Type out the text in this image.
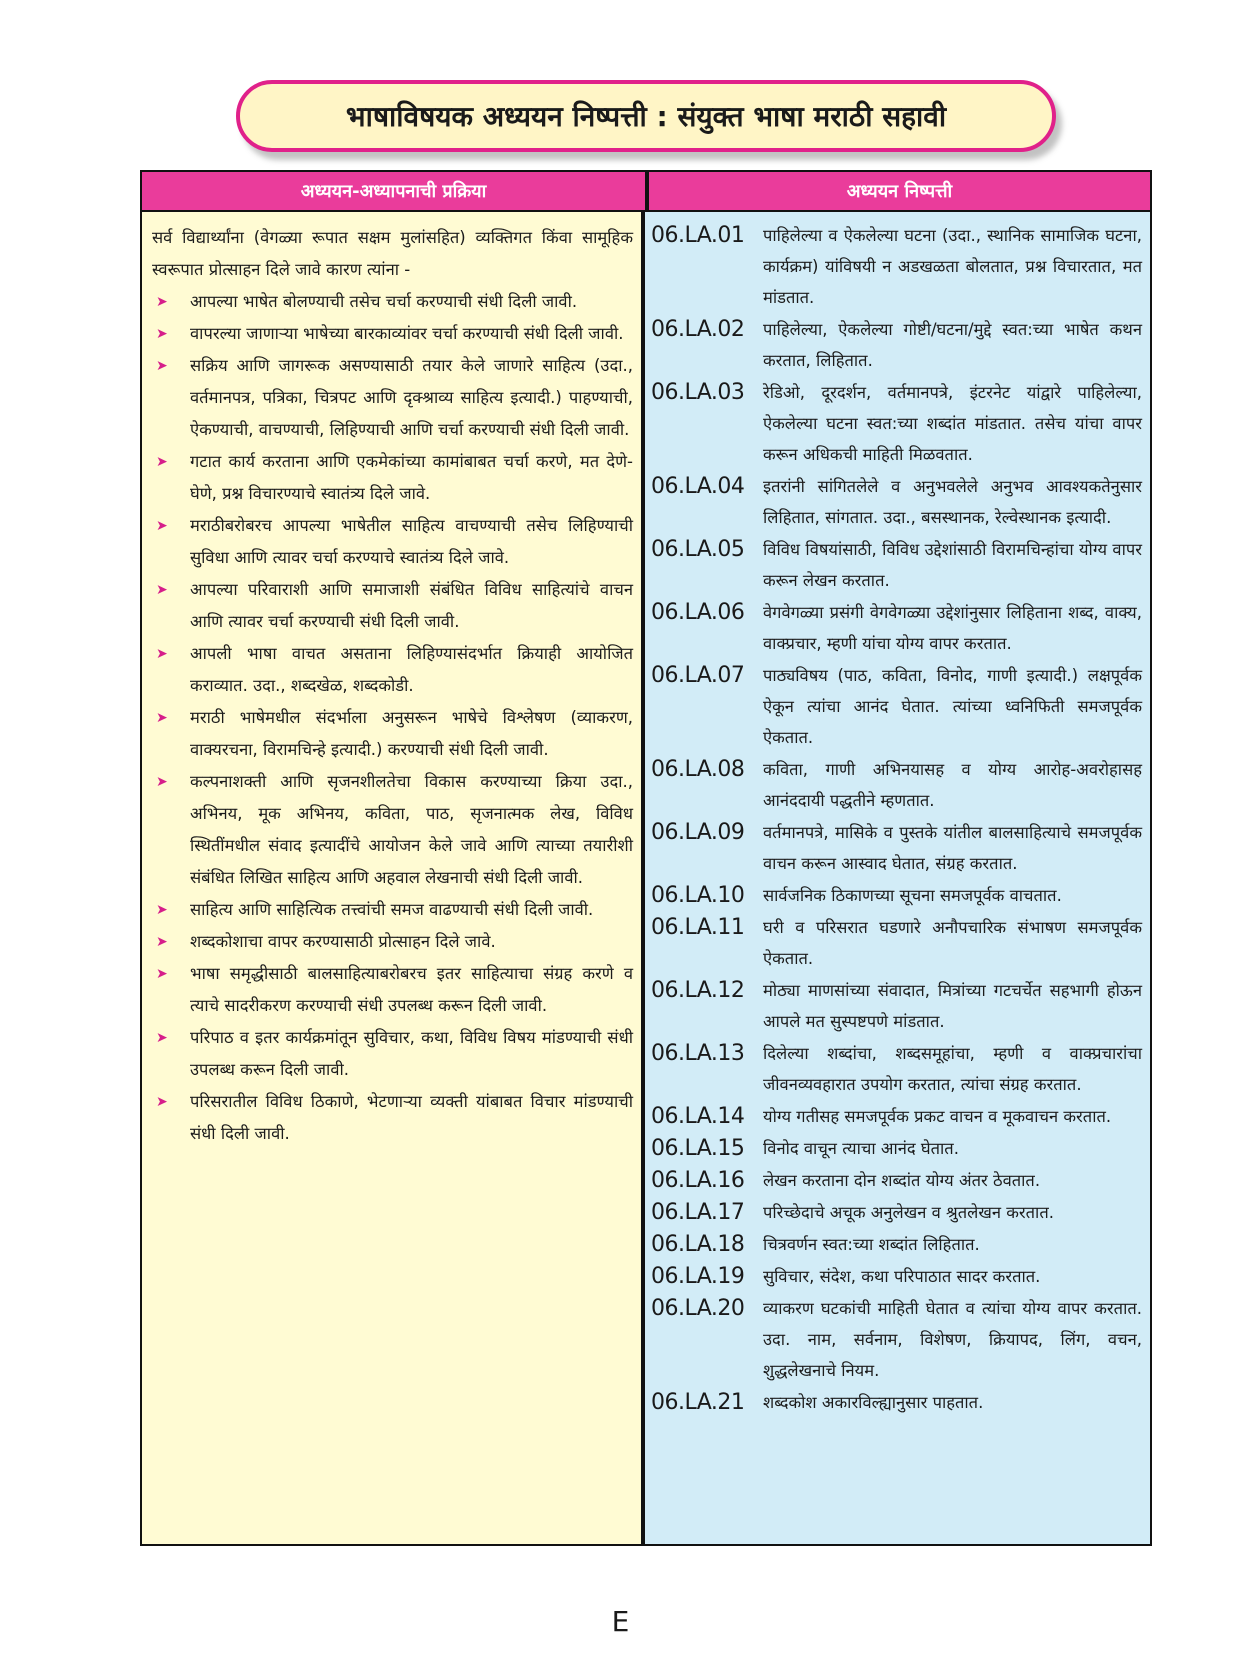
भाषाविषयक अध्ययन निष्पत्ती : संयुक्त भाषा मराठी सहावी
अध्ययन-अध्यापनाची प्रक्रिया	अध्ययन निष्पत्ती
सर्व विद्यार्थ्यांना (वेगळ्या रूपात सक्षम मुलांसहित) व्यक्तिगत किंवा सामूहिक स्वरूपात प्रोत्साहन दिले जावे कारण त्यांना -
➤	आपल्या भाषेत बोलण्याची तसेच चर्चा करण्याची संधी दिली जावी.
➤	वापरल्या जाणाऱ्या भाषेच्या बारकाव्यांवर चर्चा करण्याची संधी दिली जावी.
➤	सक्रिय आणि जागरूक असण्यासाठी तयार केले जाणारे साहित्य (उदा., वर्तमानपत्र, पत्रिका, चित्रपट आणि दृक्श्राव्य साहित्य इत्यादी.) पाहण्याची, ऐकण्याची, वाचण्याची, लिहिण्याची आणि चर्चा करण्याची संधी दिली जावी.
➤	गटात कार्य करताना आणि एकमेकांच्या कामांबाबत चर्चा करणे, मत देणे-घेणे, प्रश्न विचारण्याचे स्वातंत्र्य दिले जावे.
➤	मराठीबरोबरच आपल्या भाषेतील साहित्य वाचण्याची तसेच लिहिण्याची सुविधा आणि त्यावर चर्चा करण्याचे स्वातंत्र्य दिले जावे.
➤	आपल्या परिवाराशी आणि समाजाशी संबंधित विविध साहित्यांचे वाचन आणि त्यावर चर्चा करण्याची संधी दिली जावी.
➤	आपली भाषा वाचत असताना लिहिण्यासंदर्भात क्रियाही आयोजित कराव्यात. उदा., शब्दखेळ, शब्दकोडी.
➤	मराठी भाषेमधील संदर्भाला अनुसरून भाषेचे विश्लेषण (व्याकरण, वाक्यरचना, विरामचिन्हे इत्यादी.) करण्याची संधी दिली जावी.
➤	कल्पनाशक्ती आणि सृजनशीलतेचा विकास करण्याच्या क्रिया उदा., अभिनय, मूक अभिनय, कविता, पाठ, सृजनात्मक लेख, विविध स्थितींमधील संवाद इत्यादींचे आयोजन केले जावे आणि त्याच्या तयारीशी संबंधित लिखित साहित्य आणि अहवाल लेखनाची संधी दिली जावी.
➤	साहित्य आणि साहित्यिक तत्त्वांची समज वाढण्याची संधी दिली जावी.
➤	शब्दकोशाचा वापर करण्यासाठी प्रोत्साहन दिले जावे.
➤	भाषा समृद्धीसाठी बालसाहित्याबरोबरच इतर साहित्याचा संग्रह करणे व त्याचे सादरीकरण करण्याची संधी उपलब्ध करून दिली जावी.
➤	परिपाठ व इतर कार्यक्रमांतून सुविचार, कथा, विविध विषय मांडण्याची संधी उपलब्ध करून दिली जावी.
➤	परिसरातील विविध ठिकाणे, भेटणाऱ्या व्यक्ती यांबाबत विचार मांडण्याची संधी दिली जावी.
06.LA.01	पाहिलेल्या व ऐकलेल्या घटना (उदा., स्थानिक सामाजिक घटना, कार्यक्रम) यांविषयी न अडखळता बोलतात, प्रश्न विचारतात, मत मांडतात.
06.LA.02	पाहिलेल्या, ऐकलेल्या गोष्टी/घटना/मुद्दे स्वत:च्या भाषेत कथन करतात, लिहितात.
06.LA.03	रेडिओ, दूरदर्शन, वर्तमानपत्रे, इंटरनेट यांद्वारे पाहिलेल्या, ऐकलेल्या घटना स्वत:च्या शब्दांत मांडतात. तसेच यांचा वापर करून अधिकची माहिती मिळवतात.
06.LA.04	इतरांनी सांगितलेले व अनुभवलेले अनुभव आवश्यकतेनुसार लिहितात, सांगतात. उदा., बसस्थानक, रेल्वेस्थानक इत्यादी.
06.LA.05	विविध विषयांसाठी, विविध उद्देशांसाठी विरामचिन्हांचा योग्य वापर करून लेखन करतात.
06.LA.06	वेगवेगळ्या प्रसंगी वेगवेगळ्या उद्देशांनुसार लिहिताना शब्द, वाक्य, वाक्प्रचार, म्हणी यांचा योग्य वापर करतात.
06.LA.07	पाठ्यविषय (पाठ, कविता, विनोद, गाणी इत्यादी.) लक्षपूर्वक ऐकून त्यांचा आनंद घेतात. त्यांच्या ध्वनिफिती समजपूर्वक ऐकतात.
06.LA.08	कविता, गाणी अभिनयासह व योग्य आरोह-अवरोहासह आनंददायी पद्धतीने म्हणतात.
06.LA.09	वर्तमानपत्रे, मासिके व पुस्तके यांतील बालसाहित्याचे समजपूर्वक वाचन करून आस्वाद घेतात, संग्रह करतात.
06.LA.10	सार्वजनिक ठिकाणच्या सूचना समजपूर्वक वाचतात.
06.LA.11	घरी व परिसरात घडणारे अनौपचारिक संभाषण समजपूर्वक ऐकतात.
06.LA.12	मोठ्या माणसांच्या संवादात, मित्रांच्या गटचर्चेत सहभागी होऊन आपले मत सुस्पष्टपणे मांडतात.
06.LA.13	दिलेल्या शब्दांचा, शब्दसमूहांचा, म्हणी व वाक्प्रचारांचा जीवनव्यवहारात उपयोग करतात, त्यांचा संग्रह करतात.
06.LA.14	योग्य गतीसह समजपूर्वक प्रकट वाचन व मूकवाचन करतात.
06.LA.15	विनोद वाचून त्याचा आनंद घेतात.
06.LA.16	लेखन करताना दोन शब्दांत योग्य अंतर ठेवतात.
06.LA.17	परिच्छेदाचे अचूक अनुलेखन व श्रुतलेखन करतात.
06.LA.18	चित्रवर्णन स्वत:च्या शब्दांत लिहितात.
06.LA.19	सुविचार, संदेश, कथा परिपाठात सादर करतात.
06.LA.20	व्याकरण घटकांची माहिती घेतात व त्यांचा योग्य वापर करतात. उदा. नाम, सर्वनाम, विशेषण, क्रियापद, लिंग, वचन, शुद्धलेखनाचे नियम.
06.LA.21	शब्दकोश अकारविल्ह्यानुसार पाहतात.
E
